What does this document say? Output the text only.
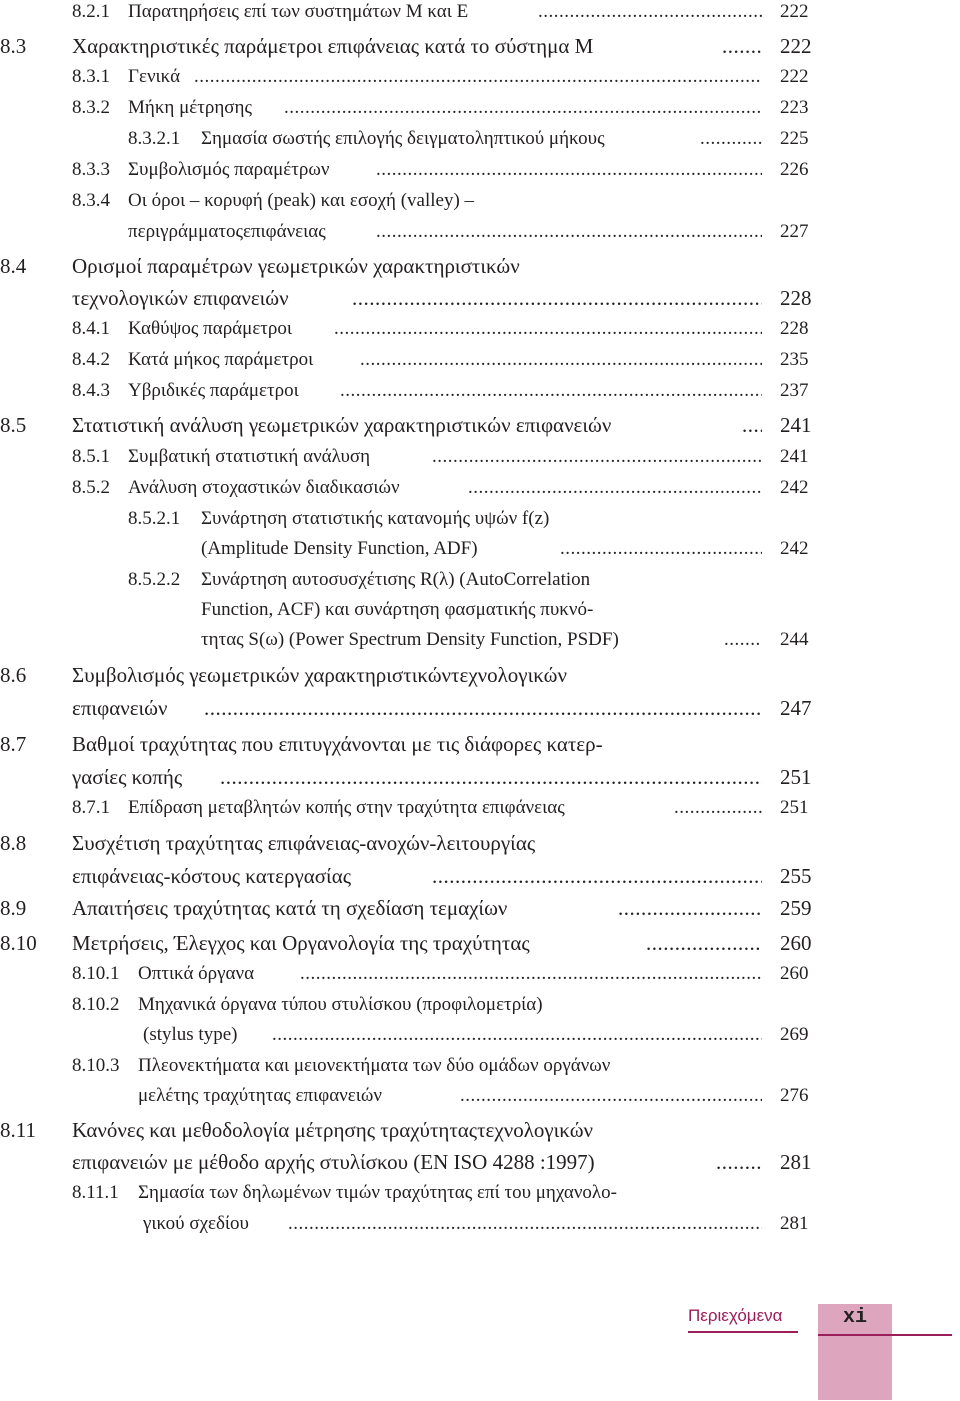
8.2.1 Παρατηρήσεις επί των συστημάτων Μ και Ε .....	222
8.3 Χαρακτηριστικές παράμετροι επιφάνειας κατά το σύστημα Μ .....	222
8.3.1 Γενικά .....	222
8.3.2 Μήκη μέτρησης .....	223
8.3.2.1 Σημασία σωστής επιλογής δειγματοληπτικού μήκους .....	225
8.3.3 Συμβολισμός παραμέτρων .....	226
8.3.4 Οι όροι – κορυφή (peak) και εσοχή (valley) –
περιγράμματοςεπιφάνειας .....	227
8.4 Ορισμοί παραμέτρων γεωμετρικών χαρακτηριστικών
τεχνολογικών επιφανειών .....	228
8.4.1 Καθύψος παράμετροι .....	228
8.4.2 Κατά μήκος παράμετροι .....	235
8.4.3 Υβριδικές παράμετροι .....	237
8.5 Στατιστική ανάλυση γεωμετρικών χαρακτηριστικών επιφανειών .....	241
8.5.1 Συμβατική στατιστική ανάλυση .....	241
8.5.2 Ανάλυση στοχαστικών διαδικασιών .....	242
8.5.2.1 Συνάρτηση στατιστικής κατανομής υψών f(z)
(Amplitude Density Function, ADF) .....	242
8.5.2.2 Συνάρτηση αυτοσυσχέτισης R(λ) (AutoCorrelation
Function, ACF) και συνάρτηση φασματικής πυκνό-
τητας S(ω) (Power Spectrum Density Function, PSDF) .....	244
8.6 Συμβολισμός γεωμετρικών χαρακτηριστικώντεχνολογικών
επιφανειών .....	247
8.7 Βαθμοί τραχύτητας που επιτυγχάνονται με τις διάφορες κατερ-
γασίες κοπής .....	251
8.7.1 Επίδραση μεταβλητών κοπής στην τραχύτητα επιφάνειας .....	251
8.8 Συσχέτιση τραχύτητας επιφάνειας-ανοχών-λειτουργίας
επιφάνειας-κόστους κατεργασίας .....	255
8.9 Απαιτήσεις τραχύτητας κατά τη σχεδίαση τεμαχίων .....	259
8.10 Μετρήσεις, Έλεγχος και Οργανολογία της τραχύτητας .....	260
8.10.1 Οπτικά όργανα .....	260
8.10.2 Μηχανικά όργανα τύπου στυλίσκου (προφιλομετρία)
(stylus type) .....	269
8.10.3 Πλεονεκτήματα και μειονεκτήματα των δύο ομάδων οργάνων
μελέτης τραχύτητας επιφανειών .....	276
8.11 Κανόνες και μεθοδολογία μέτρησης τραχύτηταςτεχνολογικών
επιφανειών με μέθοδο αρχής στυλίσκου (EN ISO 4288 :1997) .....	281
8.11.1 Σημασία των δηλωμένων τιμών τραχύτητας επί του μηχανολο-
γικού σχεδίου .....	281
Περιεχόμενα	xi
